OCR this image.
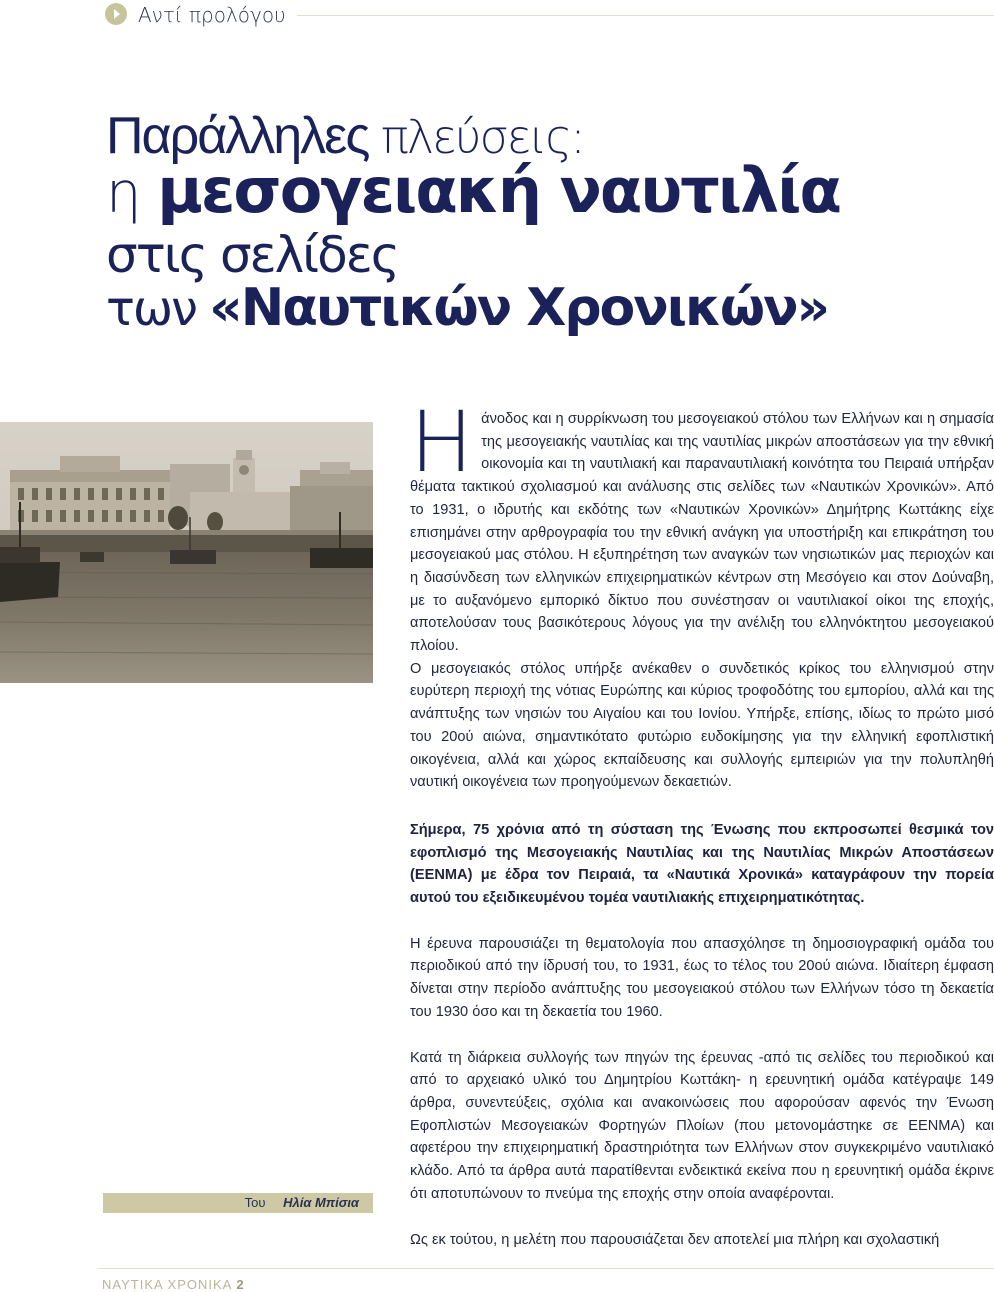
Αντί προλόγου
Παράλληλες πλεύσεις:
η μεσογειακή ναυτιλία
στις σελίδες
των «Ναυτικών Χρονικών»

Ηάνοδος και η συρρίκνωση του μεσογειακού στόλου των Ελλήνων και η σημασία της μεσογειακής ναυτιλίας και της ναυτιλίας μικρών αποστάσεων για την εθνική οικονομία και τη ναυτιλιακή και παραναυτιλιακή κοινότητα του Πειραιά υπήρξαν θέματα τακτικού σχολιασμού και ανάλυσης στις σελίδες των «Ναυτικών Χρονικών». Από το 1931, ο ιδρυτής και εκδότης των «Ναυτικών Χρονικών» Δημήτρης Κωττάκης είχε επισημάνει στην αρθρογραφία του την εθνική ανάγκη για υποστήριξη και επικράτηση του μεσογειακού μας στόλου. Η εξυπηρέτηση των αναγκών των νησιωτικών μας περιοχών και η διασύνδεση των ελληνικών επιχειρηματικών κέντρων στη Μεσόγειο και στον Δούναβη, με το αυξανόμενο εμπορικό δίκτυο που συνέστησαν οι ναυτιλιακοί οίκοι της εποχής, αποτελούσαν τους βασικότερους λόγους για την ανέλιξη του ελληνόκτητου μεσογειακού πλοίου.

Ο μεσογειακός στόλος υπήρξε ανέκαθεν ο συνδετικός κρίκος του ελληνισμού στην ευρύτερη περιοχή της νότιας Ευρώπης και κύριος τροφοδότης του εμπορίου, αλλά και της ανάπτυξης των νησιών του Αιγαίου και του Ιονίου. Υπήρξε, επίσης, ιδίως το πρώτο μισό του 20ού αιώνα, σημαντικότατο φυτώριο ευδοκίμησης για την ελληνική εφοπλιστική οικογένεια, αλλά και χώρος εκπαίδευσης και συλλογής εμπειριών για την πολυπληθή ναυτική οικογένεια των προηγούμενων δεκαετιών.

Σήμερα, 75 χρόνια από τη σύσταση της Ένωσης που εκπροσωπεί θεσμικά τον εφοπλισμό της Μεσογειακής Ναυτιλίας και της Ναυτιλίας Μικρών Αποστάσεων (ΕΕΝΜΑ) με έδρα τον Πειραιά, τα «Ναυτικά Χρονικά» καταγράφουν την πορεία αυτού του εξειδικευμένου τομέα ναυτιλιακής επιχειρηματικότητας.

Η έρευνα παρουσιάζει τη θεματολογία που απασχόλησε τη δημοσιογραφική ομάδα του περιοδικού από την ίδρυσή του, το 1931, έως το τέλος του 20ού αιώνα. Ιδιαίτερη έμφαση δίνεται στην περίοδο ανάπτυξης του μεσογειακού στόλου των Ελλήνων τόσο τη δεκαετία του 1930 όσο και τη δεκαετία του 1960.

Κατά τη διάρκεια συλλογής των πηγών της έρευνας -από τις σελίδες του περιοδικού και από το αρχειακό υλικό του Δημητρίου Κωττάκη- η ερευνητική ομάδα κατέγραψε 149 άρθρα, συνεντεύξεις, σχόλια και ανακοινώσεις που αφορούσαν αφενός την Ένωση Εφοπλιστών Μεσογειακών Φορτηγών Πλοίων (που μετονομάστηκε σε ΕΕΝΜΑ) και αφετέρου την επιχειρηματική δραστηριότητα των Ελλήνων στον συγκεκριμένο ναυτιλιακό κλάδο. Από τα άρθρα αυτά παρατίθενται ενδεικτικά εκείνα που η ερευνητική ομάδα έκρινε ότι αποτυπώνουν το πνεύμα της εποχής στην οποία αναφέρονται.

Ως εκ τούτου, η μελέτη που παρουσιάζεται δεν αποτελεί μια πλήρη και σχολαστική

Του Ηλία Μπίσια
ΝΑΥΤΙΚΑ ΧΡΟΝΙΚΑ 2
